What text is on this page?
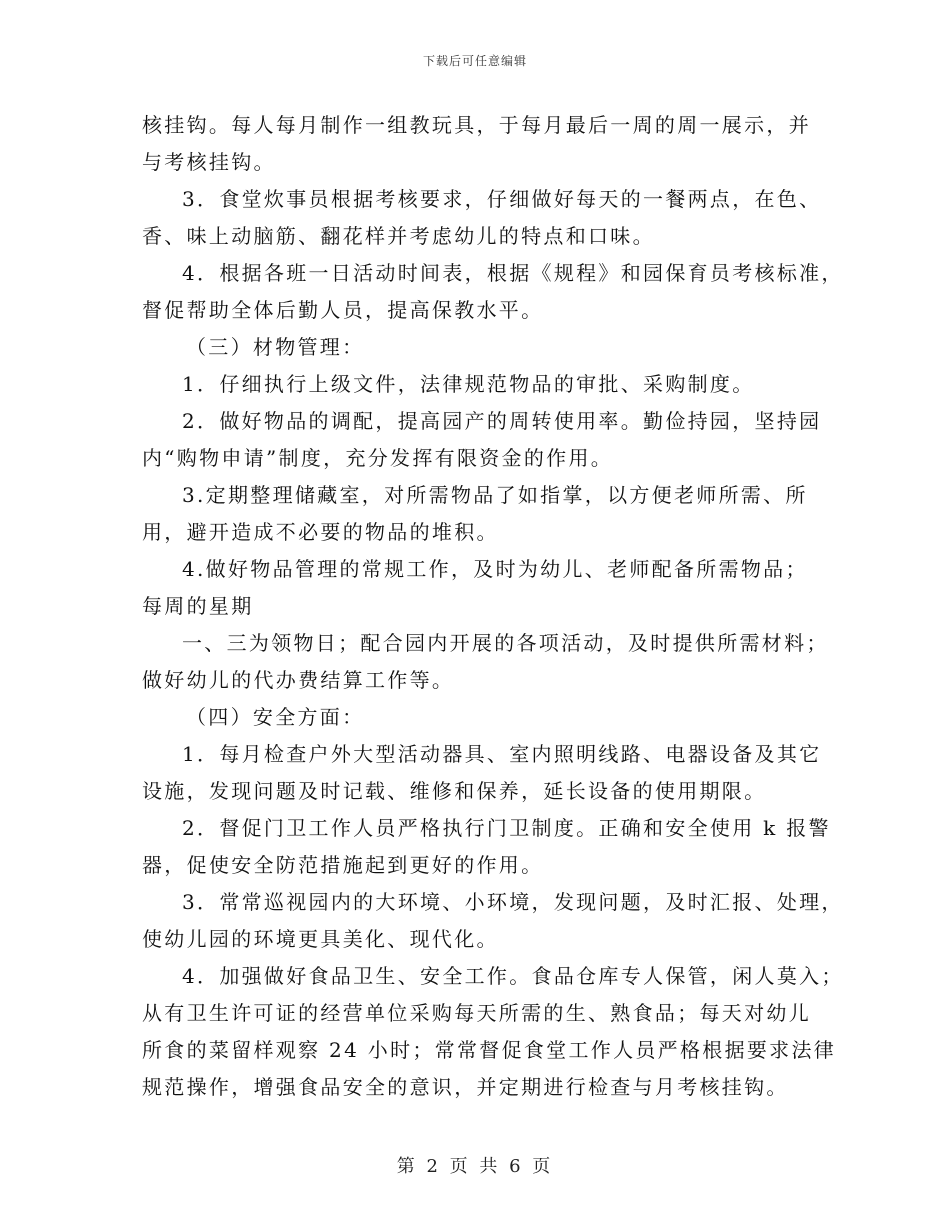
下载后可任意编辑
核挂钩。每人每月制作一组教玩具，于每月最后一周的周一展示，并
与考核挂钩。
3．食堂炊事员根据考核要求，仔细做好每天的一餐两点，在色、
香、味上动脑筋、翻花样并考虑幼儿的特点和口味。
4．根据各班一日活动时间表，根据《规程》和园保育员考核标准，
督促帮助全体后勤人员，提高保教水平。
（三）材物管理：
1．仔细执行上级文件，法律规范物品的审批、采购制度。
2．做好物品的调配，提高园产的周转使用率。勤俭持园，坚持园
内“购物申请”制度，充分发挥有限资金的作用。
3.定期整理储藏室，对所需物品了如指掌，以方便老师所需、所
用，避开造成不必要的物品的堆积。
4.做好物品管理的常规工作，及时为幼儿、老师配备所需物品；
每周的星期
一、三为领物日；配合园内开展的各项活动，及时提供所需材料；
做好幼儿的代办费结算工作等。
（四）安全方面：
1．每月检查户外大型活动器具、室内照明线路、电器设备及其它
设施，发现问题及时记载、维修和保养，延长设备的使用期限。
2．督促门卫工作人员严格执行门卫制度。正确和安全使用 k 报警
器，促使安全防范措施起到更好的作用。
3．常常巡视园内的大环境、小环境，发现问题，及时汇报、处理，
使幼儿园的环境更具美化、现代化。
4．加强做好食品卫生、安全工作。食品仓库专人保管，闲人莫入；
从有卫生许可证的经营单位采购每天所需的生、熟食品；每天对幼儿
所食的菜留样观察 24 小时；常常督促食堂工作人员严格根据要求法律
规范操作，增强食品安全的意识，并定期进行检查与月考核挂钩。
第 2 页 共 6 页
